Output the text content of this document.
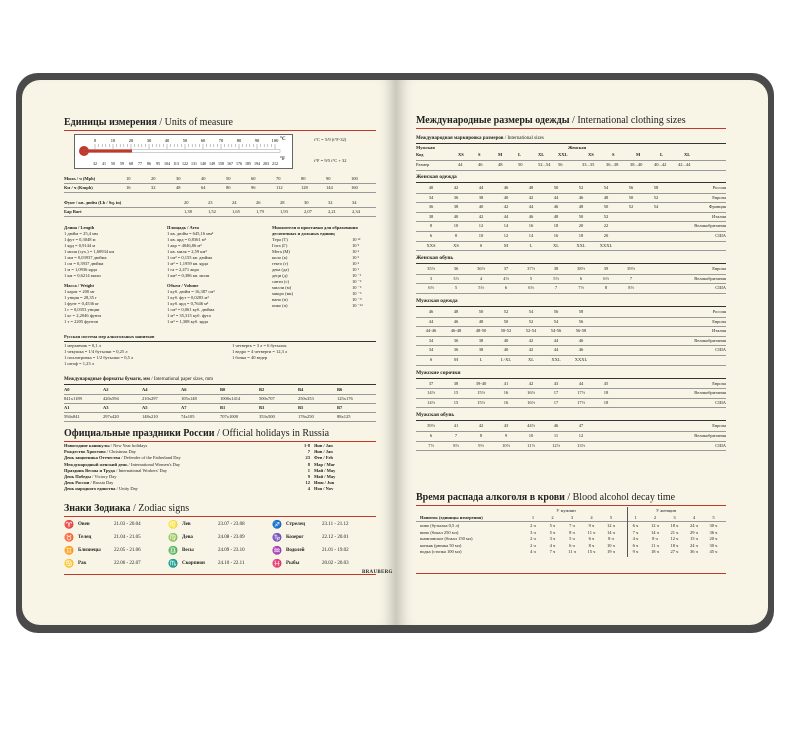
Единицы измерения / Units of measure
0	10	20	30	40	50	60	70	80	90	100
32 41 50 59 68 77 86 95 104 113 122 131 140 149 158 167 176 185 194 203 212
°C
°F
t°C = 5/9 (t°F-32)
t°F = 9/5 t°C + 32
Миль / ч (Mph)	10	20	30	40	50	60	70	80	90	100
Км / ч (Kmph)	16	32	48	64	80	96	112	128	144	160
Фунт / кв. дюйм (Lb / Sq. in)	20	23	24	26	28	30	32	34
Бар Bart	1,38	1,52	1,65	1,79	1,93	2,07	2,21	2,34
Длина / Length
1 дюйм = 25,4 мм
1 фут = 0,3048 м
1 ярд = 0,9144 м
1 миля (сух.) = 1,60934 км
1 мм = 0,03937 дюйма
1 см = 0,3937 дюйма
1 м = 1,0936 ярда
1 км = 0,6214 мили
Площадь / Area
1 кв. дюйм = 645,16 мм²
1 кв. ярд = 0,8361 м²
1 акр = 4046,86 м²
1 кв. миля = 2,59 км²
1 см² = 0,155 кв. дюйма
1 м² = 1,1959 кв. ярда
1 га = 2,471 акра
1 км² = 0,386 кв. мили
Масса / Weight
1 карат = 200 мг
1 унция = 28,35 г
1 фунт = 0,4536 кг
1 г = 0,0353 унции
1 кг = 2,2046 фунта
1 т = 2205 фунтов
Объем / Volume
1 куб. дюйм = 16,387 см³
1 куб. фут = 0,0283 м³
1 куб. ярд = 0,7646 м³
1 см³ = 0,061 куб. дюйма
1 м³ = 35,315 куб. фута
1 м³ = 1,308 куб. ярда
Множители и приставки для образования десятичных и дольных единиц
Тера (T)	10 ¹²
Гига (Г)	10 ⁹
Мега (М)	10 ⁶
кило (к)	10 ³
гекто (г)	10 ²
дека (да)	10 ¹
деци (д)	10 ⁻¹
санти (с)	10 ⁻²
милли (м)	10 ⁻³
микро (мк)	10 ⁻⁶
нано (н)	10 ⁻⁹
пико (п)	10 ⁻¹²
Русская система мер алкогольных напитков
1 мерзавчик = 0,1 л
1 чекушка = 1/4 бутылки = 0,25 л
1 поллитровка = 1/2 бутылки = 0,5 л
1 штоф = 1,23 л
1 четверть = 3 л = 6 бутылок
1 ведро = 4 четверти = 12,3 л
1 бочка = 40 ведер
Международные форматы бумаги, мм / International paper sizes, mm
A0	A2	A4	A6	B0	B2	B4	B6
841x1189	420x594	210x297	105x148	1000x1414	500x707	250x353	125x176
A1	A3	A5	A7	B1	B3	B5	B7
594x841	297x420	148x210	74x105	707x1000	353x500	176x250	88x125
Официальные праздники России / Official holidays in Russia
Новогодние каникулы / New Year holidays	1-8 Янв / Jan
Рождество Христово / Christmas Day	7 Янв / Jan
День защитника Отечества / Defender of the Fatherland Day	23 Фев / Feb
Международный женский день / International Women's Day	8 Мар / Mar
Праздник Весны и Труда / International Workers' Day	1 Май / May
День Победы / Victory Day	9 Май / May
День России / Russia Day	12 Июн / Jun
День народного единства / Unity Day	4 Ноя / Nov
Знаки Зодиака / Zodiac signs
♈ Овен	21.03 - 20.04	♌ Лев	23.07 - 23.08	♐ Стрелец	23.11 - 21.12
♉ Телец	21.04 - 21.05	♍ Дева	24.08 - 23.09	♑ Козерог	22.12 - 20.01
♊ Близнецы	22.05 - 21.06	♎ Весы	24.09 - 23.10	♒ Водолей	21.01 - 19.02
♋ Рак	22.06 - 22.07	♏ Скорпион	24.10 - 22.11	♓ Рыбы	20.02 - 20.03
Международные размеры одежды / International clothing sizes
Международная маркировка размеров / International sizes
Мужская	Женская
Код
Размер
XS	S	M	L	XL	XXL
44	46	48	50	52...54 56
XS	S	M	L	XL
33...35	36...38	38...40	40...42	42...44
Женская одежда
40	42	44	46	48	50	52	54	56	58	Россия
34	36	38	40	42	44	46	48	50	52	Европа
36	38	40	42	44	46	48	50	52	54	Франция
38	40	42	44	46	48	50	52	Италия
8	10	12	14	16	18	20	22	Великобритания
6	8	10	12	14	16	18	20	США
XXS	XS	S	M	L	XL	XXL	XXXL
Женская обувь
35½	36	36½	37	37½	38	38½	39	39½	Европа
3	3½	4	4½	5	5½	6	6½	7	Великобритания
6½	5	5½	6	6½	7	7½	8	8½	США
Мужская одежда
46	48	50	52	54	56	58	Россия
44	46	48	50	52	54	56	Европа
44-46	46-48	48-50	50-52	52-54	54-56	56-58	Италия
34	36	38	40	42	44	46	Великобритания
34	36	38	40	42	44	46	США
S	M	L	L-XL	XL	XXL	XXXL
Мужские сорочки
37	38	39-40	41	42	43	44	45	Европа
14½	15	15½	16	16½	17	17½	18	Великобритания
14½	15	15½	16	16½	17	17½	18	США
Мужская обувь
39½	41	42	43	44½	46	47	Европа
6	7	8	9	10	11	12	Великобритания
7½	8½	9½	10½	11½	12½	13½	США
Время распада алкоголя в крови / Blood alcohol decay time
Напиток (единицы измерения)
У мужчин	У женщин
1	2	3	4	5	1	2	3	4	5
пиво (бутылка 0,5 л)	2 ч	5 ч	7 ч	9 ч	12 ч	6 ч	12 ч	18 ч	24 ч	30 ч
вино (бокал 250 мл)	3 ч	5 ч	8 ч	11 ч	14 ч	7 ч	14 ч	21 ч	29 ч	36 ч
шампанское (бокал 150 мл)	2 ч	3 ч	5 ч	6 ч	8 ч	4 ч	8 ч	12 ч	15 ч	20 ч
коньяк (рюмка 50 мл)	2 ч	4 ч	6 ч	8 ч	10 ч	6 ч	11 ч	18 ч	24 ч	30 ч
водка (стопка 100 мл)	4 ч	7 ч	11 ч	15 ч	19 ч	9 ч	18 ч	27 ч	36 ч	45 ч
BRAUBERG
